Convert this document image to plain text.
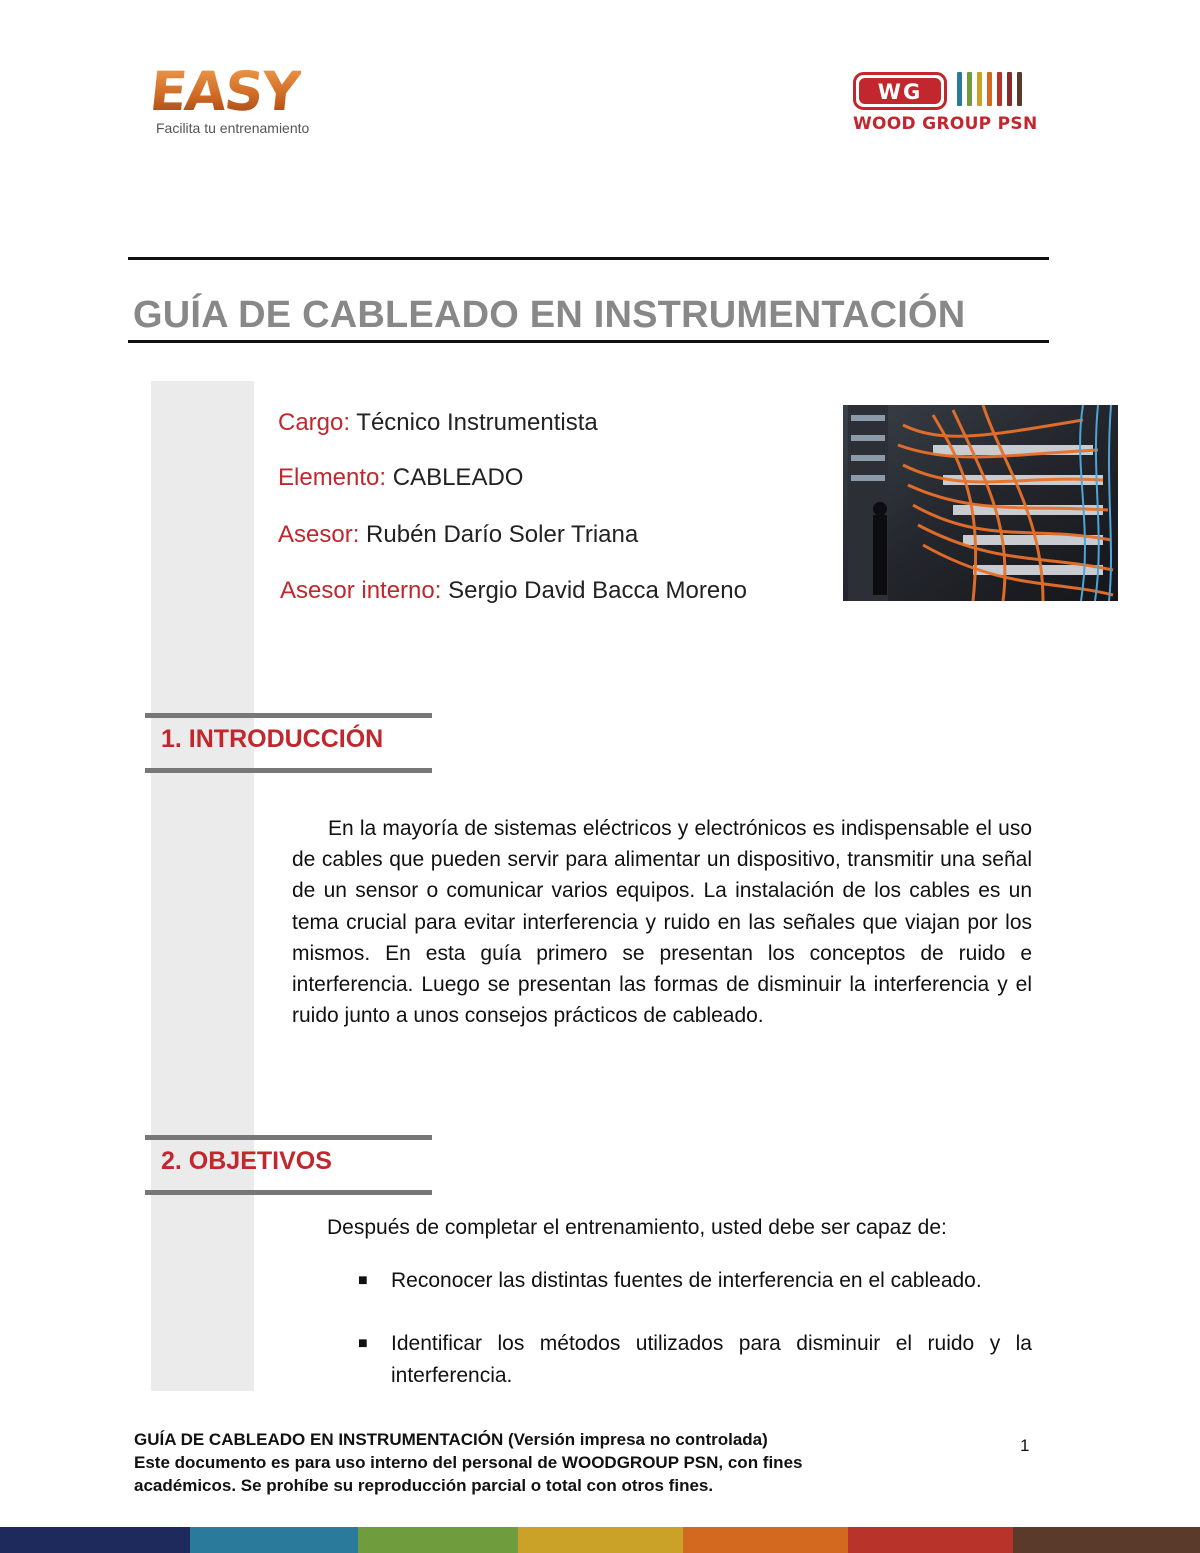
EASY
Facilita tu entrenamiento
WG
WOOD GROUP PSN
GUÍA DE CABLEADO EN INSTRUMENTACIÓN
Cargo: Técnico Instrumentista
Elemento: CABLEADO
Asesor: Rubén Darío Soler Triana
Asesor interno: Sergio David Bacca Moreno
1. INTRODUCCIÓN
En la mayoría de sistemas eléctricos y electrónicos es indispensable el uso de cables que pueden servir para alimentar un dispositivo, transmitir una señal de un sensor o comunicar varios equipos. La instalación de los cables es un tema crucial para evitar interferencia y ruido en las señales que viajan por los mismos. En esta guía primero se presentan los conceptos de ruido e interferencia. Luego se presentan las formas de disminuir la interferencia y el ruido junto a unos consejos prácticos de cableado.
2. OBJETIVOS
Después de completar el entrenamiento, usted debe ser capaz de:
■ Reconocer las distintas fuentes de interferencia en el cableado.
■ Identificar los métodos utilizados para disminuir el ruido y la interferencia.
GUÍA DE CABLEADO EN INSTRUMENTACIÓN (Versión impresa no controlada)
Este documento es para uso interno del personal de WOODGROUP PSN, con fines
académicos. Se prohíbe su reproducción parcial o total con otros fines.
1
